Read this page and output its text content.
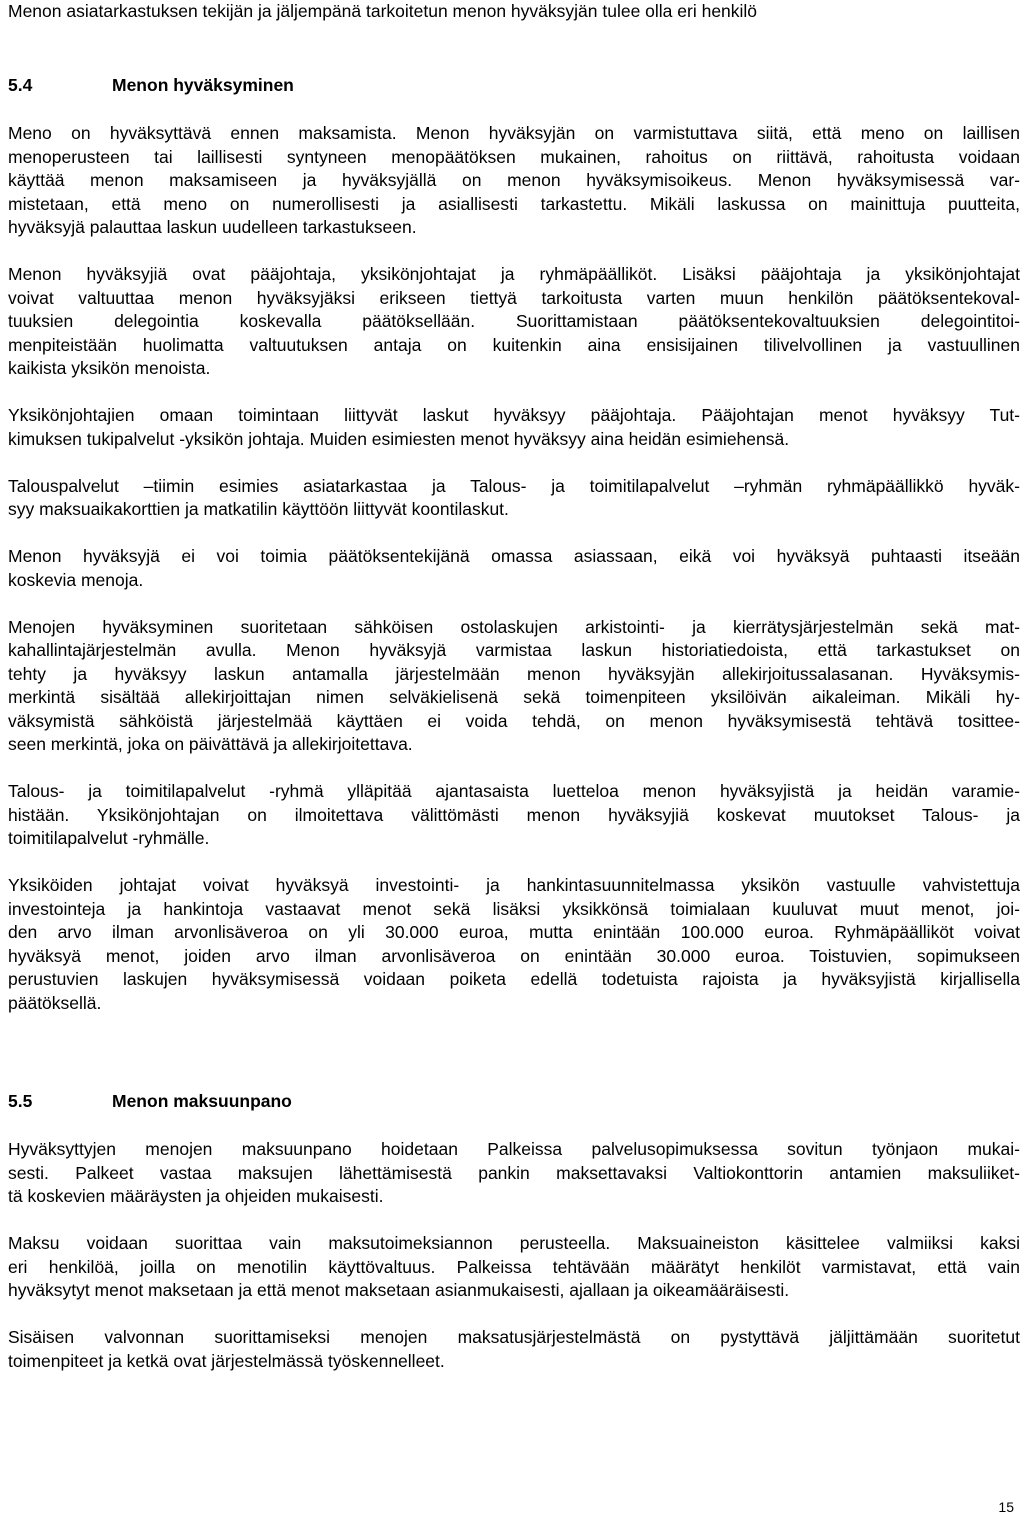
Menon asiatarkastuksen tekijän ja jäljempänä tarkoitetun menon hyväksyjän tulee olla eri henkilö
5.4	Menon hyväksyminen
Meno on hyväksyttävä ennen maksamista. Menon hyväksyjän on varmistuttava siitä, että meno on laillisen
menoperusteen tai laillisesti syntyneen menopäätöksen mukainen, rahoitus on riittävä, rahoitusta voidaan
käyttää menon maksamiseen ja hyväksyjällä on menon hyväksymisoikeus. Menon hyväksymisessä var-
mistetaan, että meno on numerollisesti ja asiallisesti tarkastettu. Mikäli laskussa on mainittuja puutteita,
hyväksyjä palauttaa laskun uudelleen tarkastukseen.
Menon hyväksyjiä ovat pääjohtaja, yksikönjohtajat ja ryhmäpäälliköt. Lisäksi pääjohtaja ja yksikönjohtajat
voivat valtuuttaa menon hyväksyjäksi erikseen tiettyä tarkoitusta varten muun henkilön päätöksentekoval-
tuuksien delegointia koskevalla päätöksellään. Suorittamistaan päätöksentekovaltuuksien delegointitoi-
menpiteistään huolimatta valtuutuksen antaja on kuitenkin aina ensisijainen tilivelvollinen ja vastuullinen
kaikista yksikön menoista.
Yksikönjohtajien omaan toimintaan liittyvät laskut hyväksyy pääjohtaja. Pääjohtajan menot hyväksyy Tut-
kimuksen tukipalvelut -yksikön johtaja. Muiden esimiesten menot hyväksyy aina heidän esimiehensä.
Talouspalvelut –tiimin esimies asiatarkastaa ja Talous- ja toimitilapalvelut –ryhmän ryhmäpäällikkö hyväk-
syy maksuaikakorttien ja matkatilin käyttöön liittyvät koontilaskut.
Menon hyväksyjä ei voi toimia päätöksentekijänä omassa asiassaan, eikä voi hyväksyä puhtaasti itseään
koskevia menoja.
Menojen hyväksyminen suoritetaan sähköisen ostolaskujen arkistointi- ja kierrätysjärjestelmän sekä mat-
kahallintajärjestelmän avulla. Menon hyväksyjä varmistaa laskun historiatiedoista, että tarkastukset on
tehty ja hyväksyy laskun antamalla järjestelmään menon hyväksyjän allekirjoitussalasanan. Hyväksymis-
merkintä sisältää allekirjoittajan nimen selväkielisenä sekä toimenpiteen yksilöivän aikaleiman. Mikäli hy-
väksymistä sähköistä järjestelmää käyttäen ei voida tehdä, on menon hyväksymisestä tehtävä tosittee-
seen merkintä, joka on päivättävä ja allekirjoitettava.
Talous- ja toimitilapalvelut -ryhmä ylläpitää ajantasaista luetteloa menon hyväksyjistä ja heidän varamie-
histään. Yksikönjohtajan on ilmoitettava välittömästi menon hyväksyjiä koskevat muutokset Talous- ja
toimitilapalvelut -ryhmälle.
Yksiköiden johtajat voivat hyväksyä investointi- ja hankintasuunnitelmassa yksikön vastuulle vahvistettuja
investointeja ja hankintoja vastaavat menot sekä lisäksi yksikkönsä toimialaan kuuluvat muut menot, joi-
den arvo ilman arvonlisäveroa on yli 30.000 euroa, mutta enintään 100.000 euroa. Ryhmäpäälliköt voivat
hyväksyä menot, joiden arvo ilman arvonlisäveroa on enintään 30.000 euroa. Toistuvien, sopimukseen
perustuvien laskujen hyväksymisessä voidaan poiketa edellä todetuista rajoista ja hyväksyjistä kirjallisella
päätöksellä.
5.5	Menon maksuunpano
Hyväksyttyjen menojen maksuunpano hoidetaan Palkeissa palvelusopimuksessa sovitun työnjaon mukai-
sesti. Palkeet vastaa maksujen lähettämisestä pankin maksettavaksi Valtiokonttorin antamien maksuliiket-
tä koskevien määräysten ja ohjeiden mukaisesti.
Maksu voidaan suorittaa vain maksutoimeksiannon perusteella. Maksuaineiston käsittelee valmiiksi kaksi
eri henkilöä, joilla on menotilin käyttövaltuus. Palkeissa tehtävään määrätyt henkilöt varmistavat, että vain
hyväksytyt menot maksetaan ja että menot maksetaan asianmukaisesti, ajallaan ja oikeamääräisesti.
Sisäisen valvonnan suorittamiseksi menojen maksatusjärjestelmästä on pystyttävä jäljittämään suoritetut
toimenpiteet ja ketkä ovat järjestelmässä työskennelleet.
15
